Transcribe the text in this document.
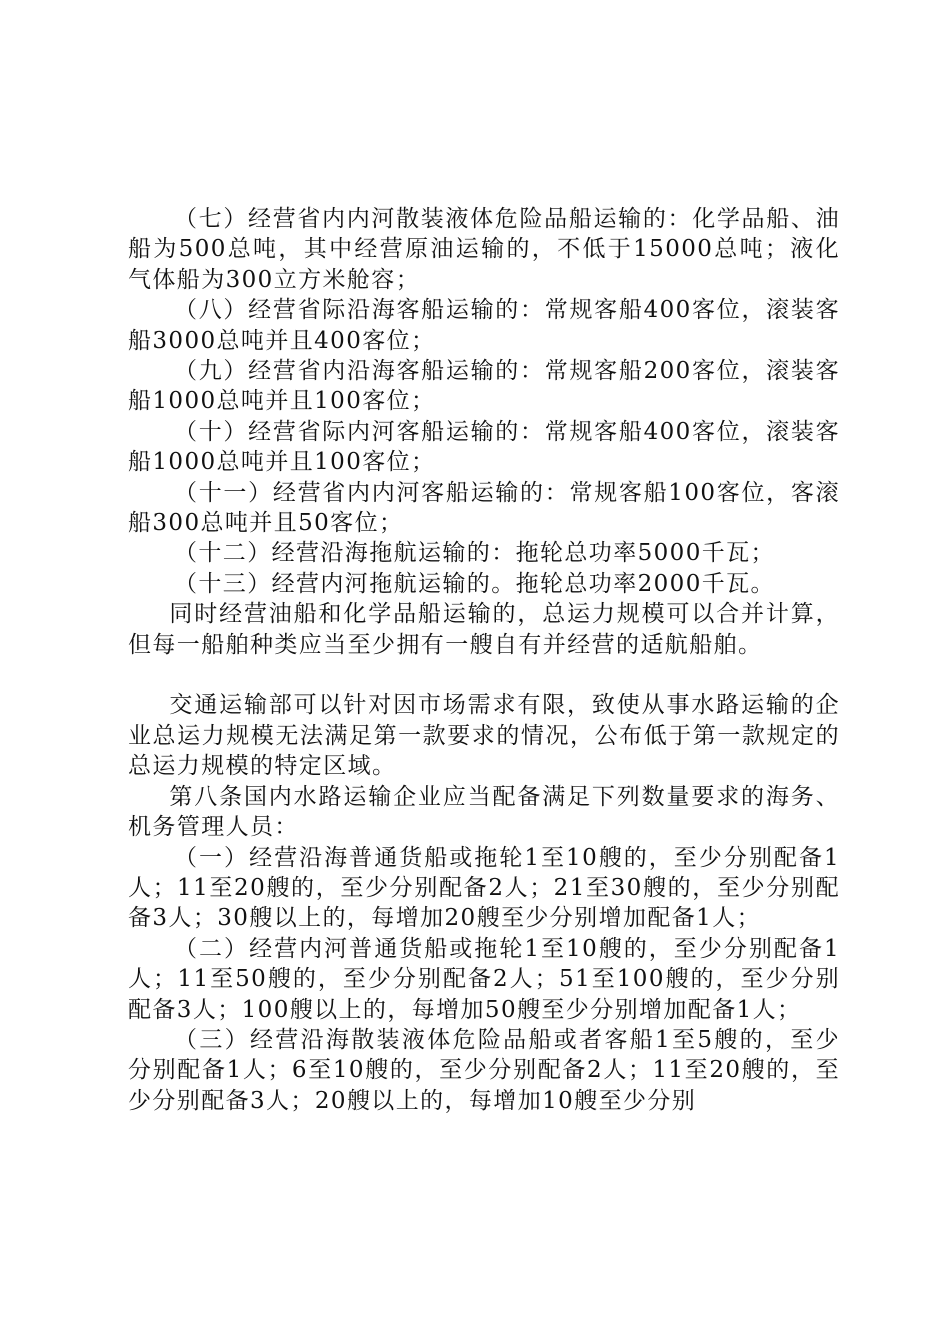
（七）经营省内内河散装液体危险品船运输的：化学品船、油船为500总吨，其中经营原油运输的，不低于15000总吨；液化气体船为300立方米舱容；

（八）经营省际沿海客船运输的：常规客船400客位，滚装客船3000总吨并且400客位；

（九）经营省内沿海客船运输的：常规客船200客位，滚装客船1000总吨并且100客位；

（十）经营省际内河客船运输的：常规客船400客位，滚装客船1000总吨并且100客位；

（十一）经营省内内河客船运输的：常规客船100客位，客滚船300总吨并且50客位；

（十二）经营沿海拖航运输的：拖轮总功率5000千瓦；

（十三）经营内河拖航运输的。拖轮总功率2000千瓦。

同时经营油船和化学品船运输的，总运力规模可以合并计算，但每一船舶种类应当至少拥有一艘自有并经营的适航船舶。

交通运输部可以针对因市场需求有限，致使从事水路运输的企业总运力规模无法满足第一款要求的情况，公布低于第一款规定的总运力规模的特定区域。

第八条国内水路运输企业应当配备满足下列数量要求的海务、机务管理人员：

（一）经营沿海普通货船或拖轮1至10艘的，至少分别配备1人；11至20艘的，至少分别配备2人；21至30艘的，至少分别配备3人；30艘以上的，每增加20艘至少分别增加配备1人；

（二）经营内河普通货船或拖轮1至10艘的，至少分别配备1人；11至50艘的，至少分别配备2人；51至100艘的，至少分别配备3人；100艘以上的，每增加50艘至少分别增加配备1人；

（三）经营沿海散装液体危险品船或者客船1至5艘的，至少分别配备1人；6至10艘的，至少分别配备2人；11至20艘的，至少分别配备3人；20艘以上的，每增加10艘至少分别
